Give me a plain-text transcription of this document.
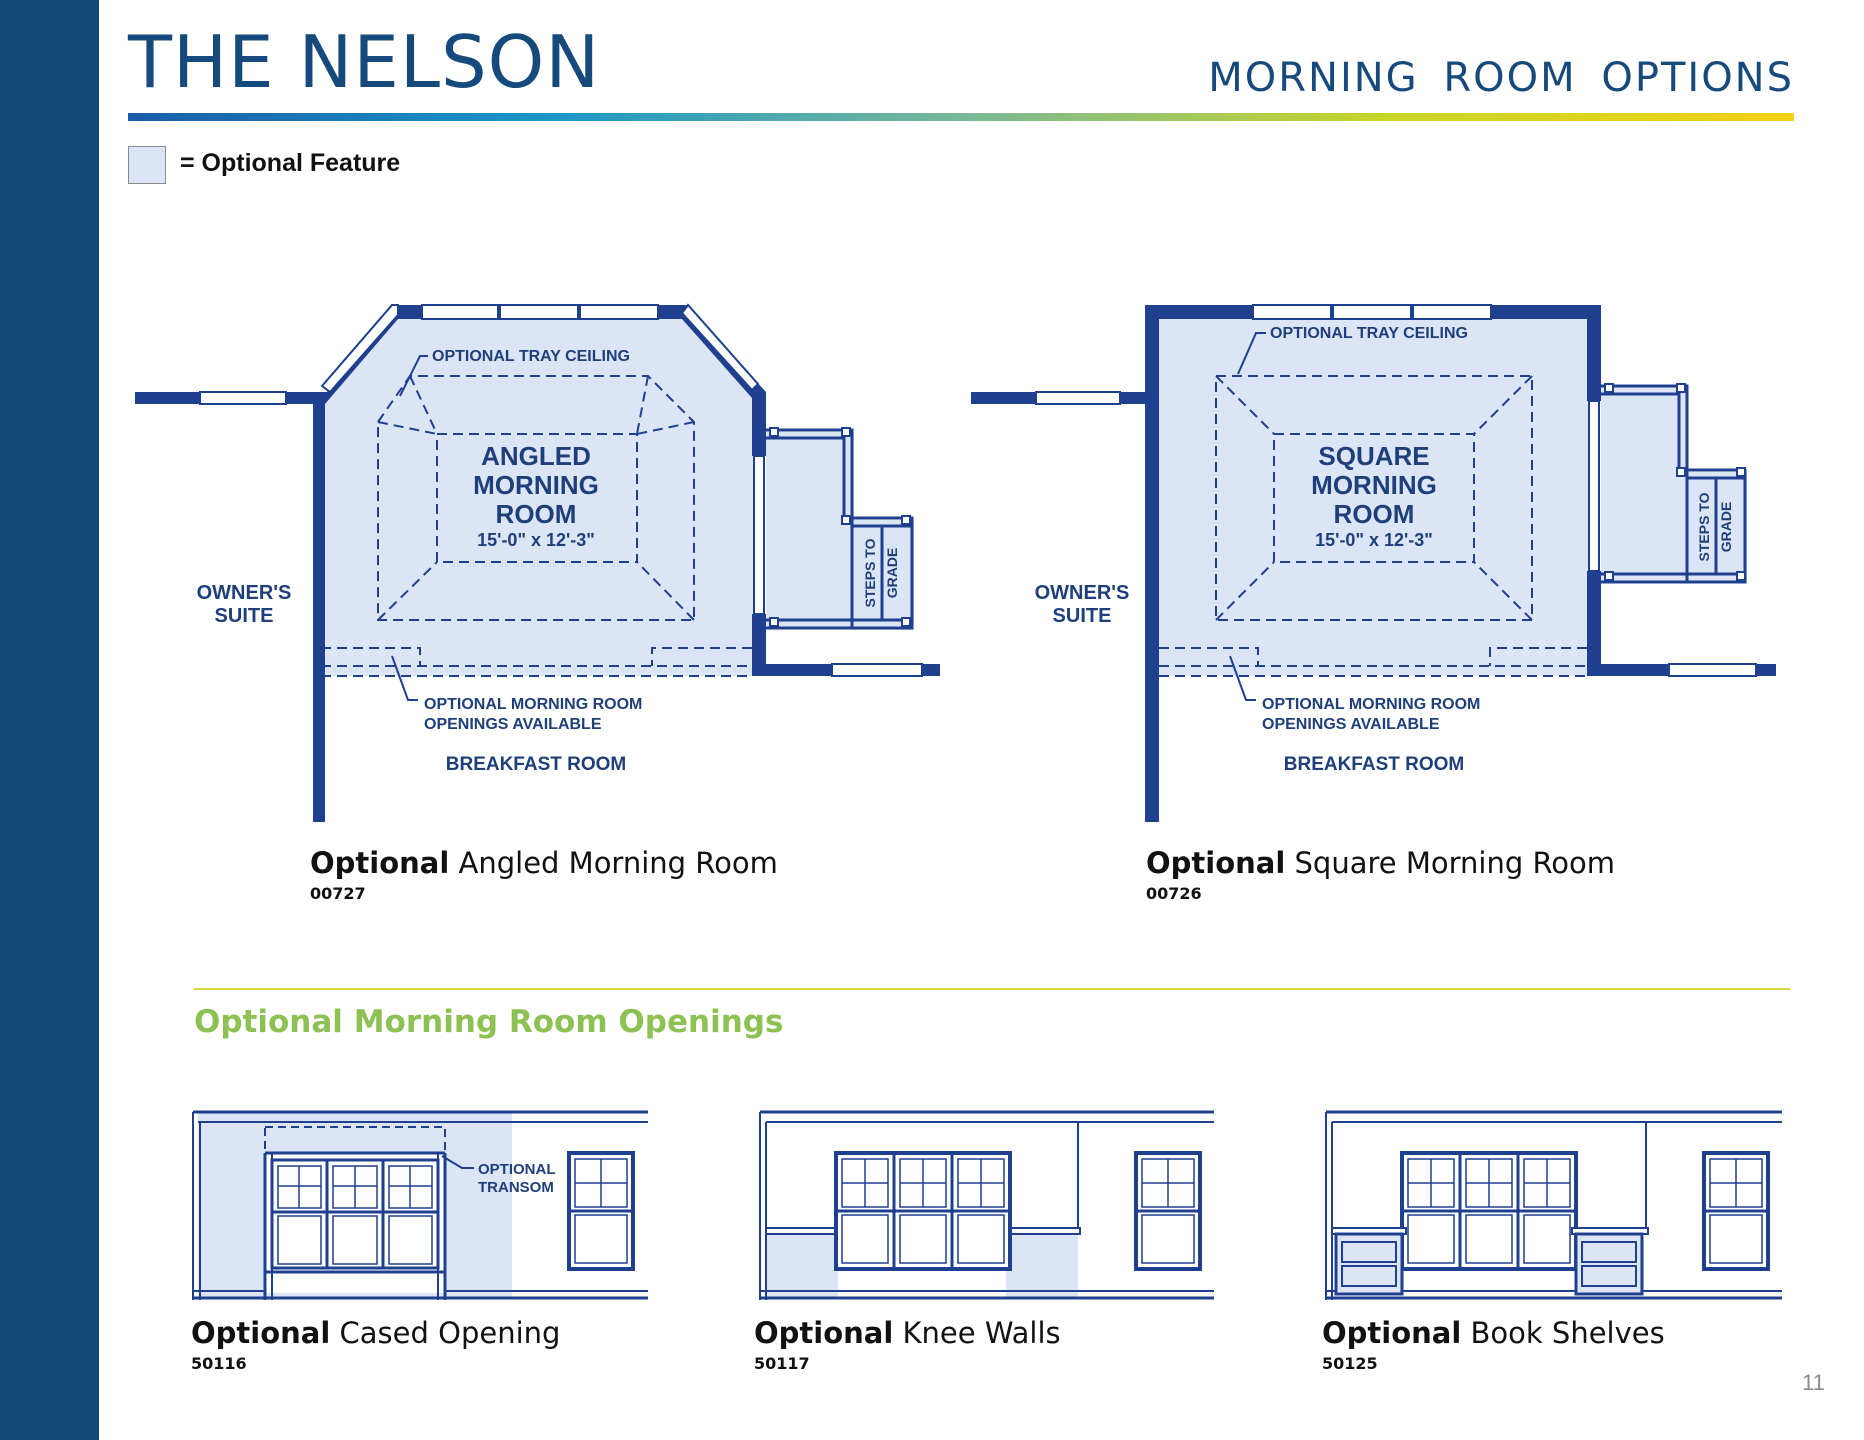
THE NELSON	MORNING ROOM OPTIONS
= Optional Feature
STEPS TO GRADE
OPTIONAL TRAY CEILING
ANGLED
MORNING
ROOM
15'-0" x 12'-3"
OWNER'S
SUITE
OPTIONAL MORNING ROOM
OPENINGS AVAILABLE
BREAKFAST ROOM
STEPS TO GRADE
OPTIONAL TRAY CEILING
SQUARE
MORNING
ROOM
15'-0" x 12'-3"
OWNER'S
SUITE
OPTIONAL MORNING ROOM
OPENINGS AVAILABLE
BREAKFAST ROOM
OPTIONAL
TRANSOM
Optional Angled Morning Room
00727
Optional Square Morning Room
00726
Optional Morning Room Openings
Optional Cased Opening
50116
Optional Knee Walls
50117
Optional Book Shelves
50125
11
